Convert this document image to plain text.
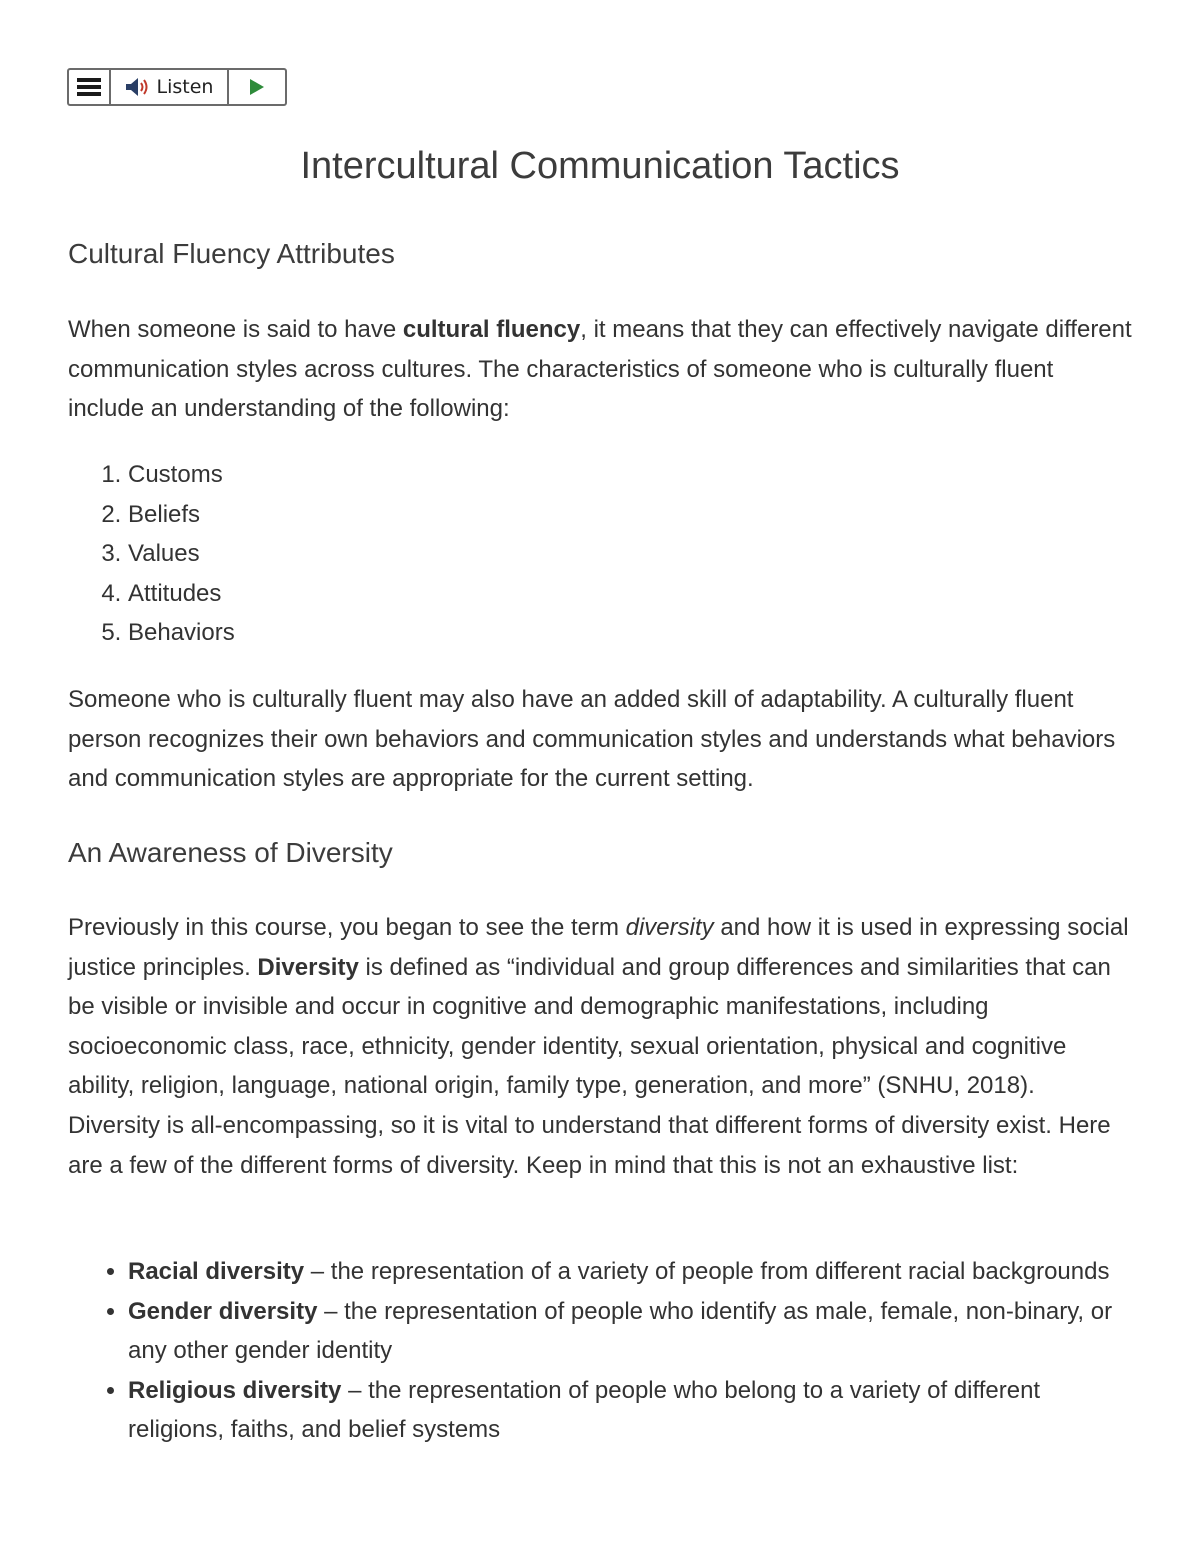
Listen
Intercultural Communication Tactics
Cultural Fluency Attributes

When someone is said to have cultural fluency, it means that they can effectively navigate different communication styles across cultures. The characteristics of someone who is culturally fluent include an understanding of the following:

1. Customs
2. Beliefs
3. Values
4. Attitudes
5. Behaviors

Someone who is culturally fluent may also have an added skill of adaptability. A culturally fluent person recognizes their own behaviors and communication styles and understands what behaviors and communication styles are appropriate for the current setting.

An Awareness of Diversity

Previously in this course, you began to see the term diversity and how it is used in expressing social justice principles. Diversity is defined as “individual and group differences and similarities that can be visible or invisible and occur in cognitive and demographic manifestations, including socioeconomic class, race, ethnicity, gender identity, sexual orientation, physical and cognitive ability, religion, language, national origin, family type, generation, and more” (SNHU, 2018). Diversity is all-encompassing, so it is vital to understand that different forms of diversity exist. Here are a few of the different forms of diversity. Keep in mind that this is not an exhaustive list:

• Racial diversity – the representation of a variety of people from different racial backgrounds
• Gender diversity – the representation of people who identify as male, female, non-binary, or any other gender identity
• Religious diversity – the representation of people who belong to a variety of different religions, faiths, and belief systems
